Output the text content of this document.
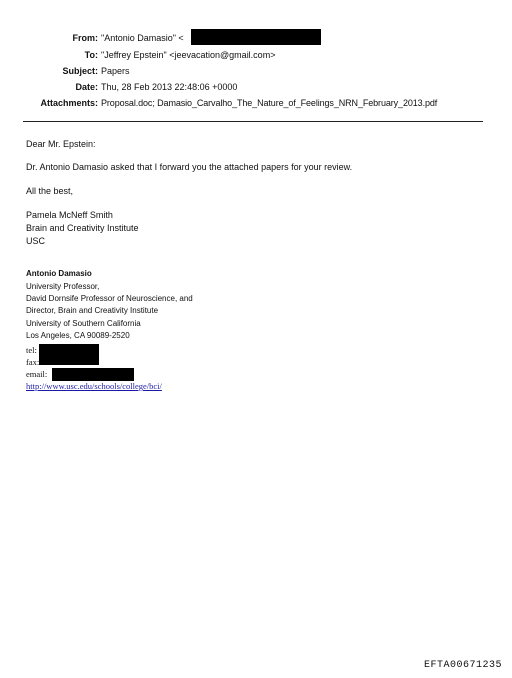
From: "Antonio Damasio" <
To: "Jeffrey Epstein" <jeevacation@gmail.com>
Subject: Papers
Date: Thu, 28 Feb 2013 22:48:06 +0000
Attachments: Proposal.doc; Damasio_Carvalho_The_Nature_of_Feelings_NRN_February_2013.pdf
Dear Mr. Epstein:
Dr. Antonio Damasio asked that I forward you the attached papers for your review.
All the best,
Pamela McNeff Smith
Brain and Creativity Institute
USC
Antonio Damasio
University Professor,
David Dornsife Professor of Neuroscience, and
Director, Brain and Creativity Institute
University of Southern California
Los Angeles, CA 90089-2520
tel:
fax:
email:
http://www.usc.edu/schools/college/bci/
EFTA00671235
